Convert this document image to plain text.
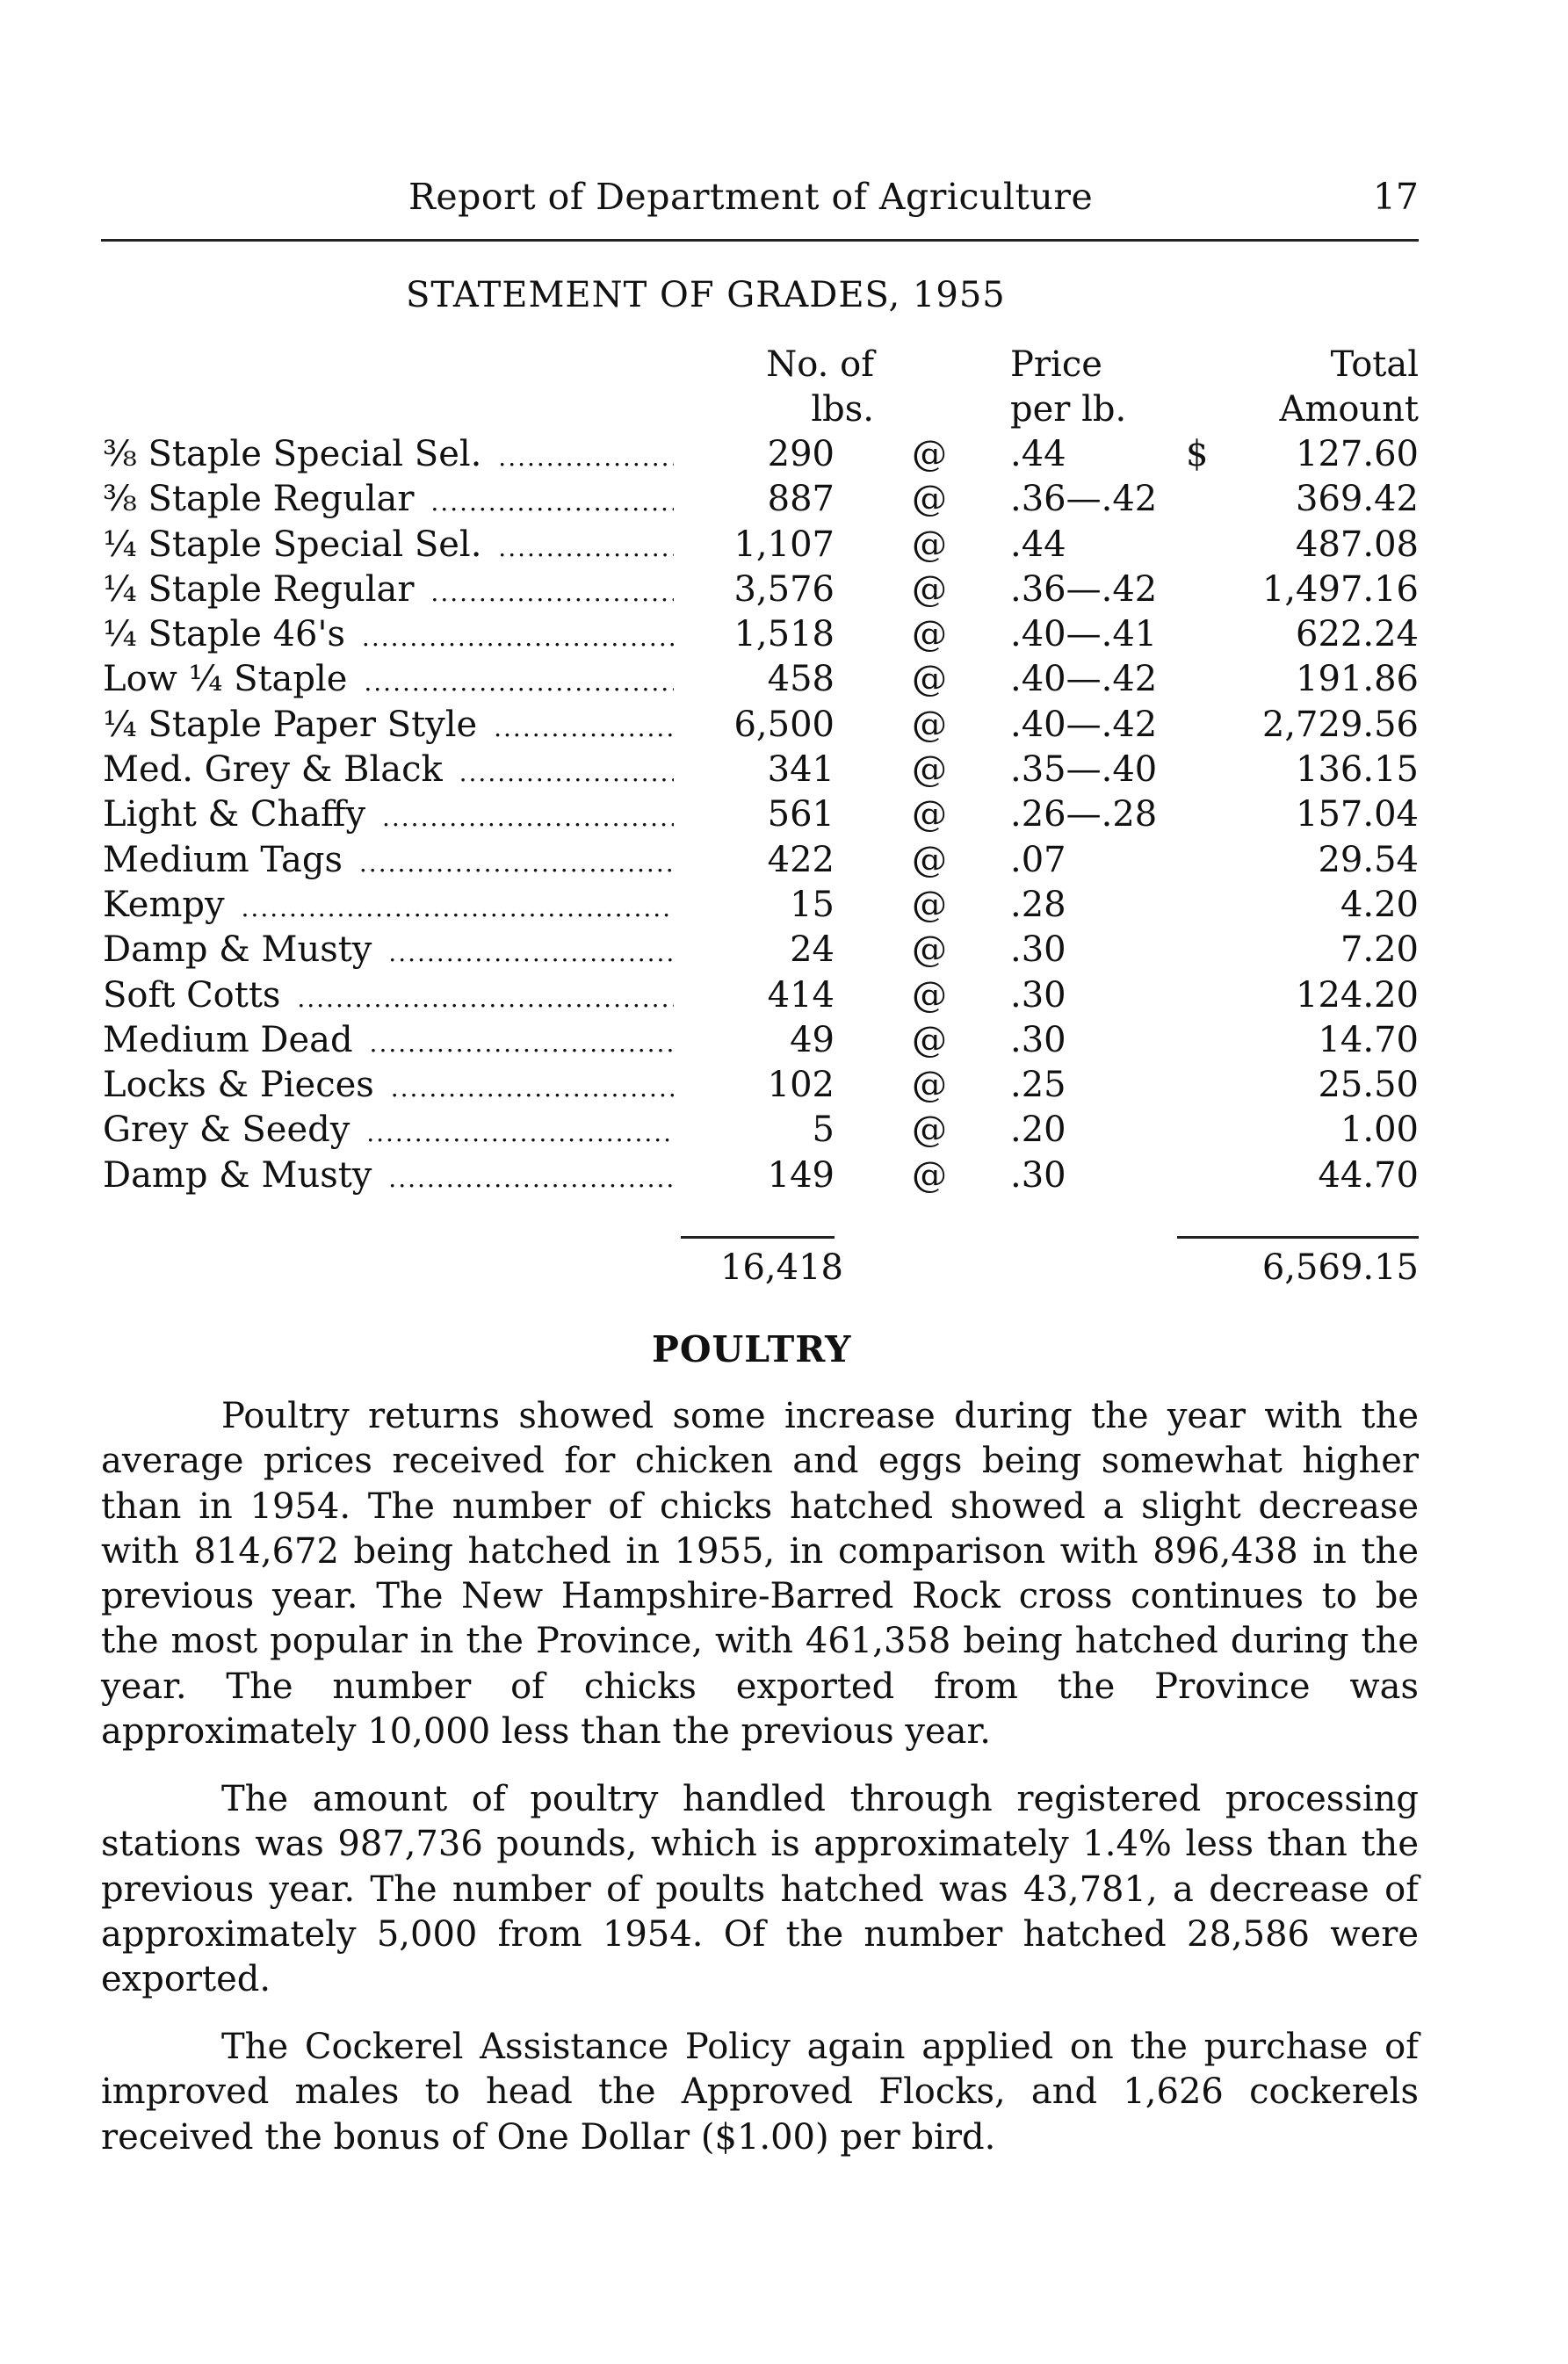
Report of Department of Agriculture	17
STATEMENT OF GRADES, 1955
No. of
lbs.
Price
per lb.
Total
Amount
³⁄₈ Staple Special Sel. .....	290 @ .44	$	127.60
³⁄₈ Staple Regular .....	887 @ .36—.42	369.42
¼ Staple Special Sel. .....	1,107 @ .44	487.08
¼ Staple Regular .....	3,576 @ .36—.42	1,497.16
¼ Staple 46's .....	1,518 @ .40—.41	622.24
Low ¼ Staple .....	458 @ .40—.42	191.86
¼ Staple Paper Style .....	6,500 @ .40—.42	2,729.56
Med. Grey & Black .....	341 @ .35—.40	136.15
Light & Chaffy .....	561 @ .26—.28	157.04
Medium Tags .....	422 @ .07	29.54
Kempy .....	15 @ .28	4.20
Damp & Musty .....	24 @ .30	7.20
Soft Cotts .....	414 @ .30	124.20
Medium Dead .....	49 @ .30	14.70
Locks & Pieces .....	102 @ .25	25.50
Grey & Seedy .....	5 @ .20	1.00
Damp & Musty .....	149 @ .30	44.70
16,418	6,569.15
POULTRY

Poultry returns showed some increase during the year with the average prices received for chicken and eggs being somewhat higher than in 1954. The number of chicks hatched showed a slight decrease with 814,672 being hatched in 1955, in comparison with 896,438 in the previous year. The New Hampshire-Barred Rock cross continues to be the most popular in the Province, with 461,358 being hatched during the year. The number of chicks exported from the Province was approximately 10,000 less than the previous year.

The amount of poultry handled through registered processing stations was 987,736 pounds, which is approximately 1.4% less than the previous year. The number of poults hatched was 43,781, a decrease of approximately 5,000 from 1954. Of the number hatched 28,586 were exported.

The Cockerel Assistance Policy again applied on the purchase of improved males to head the Approved Flocks, and 1,626 cockerels received the bonus of One Dollar ($1.00) per bird.
